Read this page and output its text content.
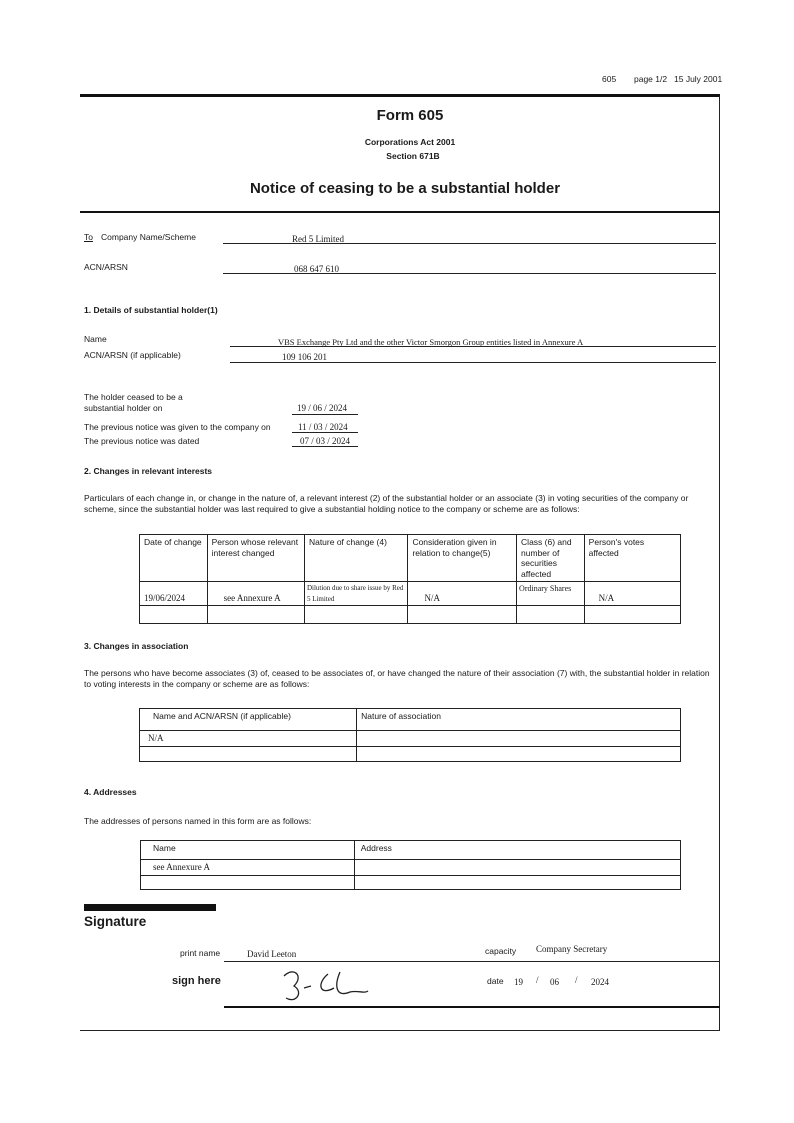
605 page 1/2 15 July 2001
Form 605
Corporations Act 2001
Section 671B
Notice of ceasing to be a substantial holder
To Company Name/Scheme	Red 5 Limited
ACN/ARSN	068 647 610
1. Details of substantial holder(1)
Name	VBS Exchange Pty Ltd and the other Victor Smorgon Group entities listed in Annexure A
ACN/ARSN (if applicable)	109 106 201
The holder ceased to be a
substantial holder on	19 / 06 / 2024
The previous notice was given to the company on	11 / 03 / 2024
The previous notice was dated	07 / 03 / 2024
2. Changes in relevant interests
Particulars of each change in, or change in the nature of, a relevant interest (2) of the substantial holder or an associate (3) in voting securities of the company or scheme, since the substantial holder was last required to give a substantial holding notice to the company or scheme are as follows:
Date of change	Person whose relevant interest changed	Nature of change (4)	Consideration given in relation to change(5)	Class (6) and number of securities affected	Person's votes affected
19/06/2024	see Annexure A	Dilution due to share issue by Red 5 Limited	N/A	Ordinary Shares	N/A

3. Changes in association
The persons who have become associates (3) of, ceased to be associates of, or have changed the nature of their association (7) with, the substantial holder in relation to voting interests in the company or scheme are as follows:
Name and ACN/ARSN (if applicable)	Nature of association
N/A	

4. Addresses
The addresses of persons named in this form are as follows:
Name	Address
see Annexure A	

Signature
print name	David Leeton	capacity Company Secretary
sign here	date 19 / 06 / 2024
